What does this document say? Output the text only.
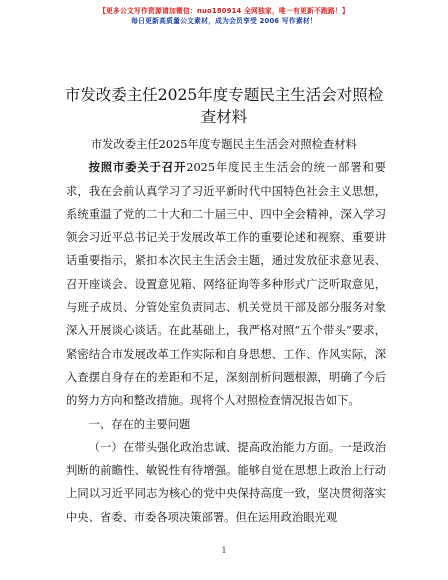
【更多公文写作资源请加微信：nuo180914 全网独家，唯一有更新不跑路！】
每日更新高质量公文素材，成为会员享受 2006 写作素材！
市发改委主任2025年度专题民主生活会对照检查材料

市发改委主任2025年度专题民主生活会对照检查材料

按照市委关于召开2025年度民主生活会的统一部署和要求，我在会前认真学习了习近平新时代中国特色社会主义思想，系统重温了党的二十大和二十届三中、四中全会精神，深入学习领会习近平总书记关于发展改革工作的重要论述和视察、重要讲话重要指示，紧扣本次民主生活会主题，通过发放征求意见表、召开座谈会、设置意见箱、网络征询等多种形式广泛听取意见，与班子成员、分管处室负责同志、机关党员干部及部分服务对象深入开展谈心谈话。在此基础上，我严格对照“五个带头”要求，紧密结合市发展改革工作实际和自身思想、工作、作风实际，深入查摆自身存在的差距和不足，深刻剖析问题根源，明确了今后的努力方向和整改措施。现将个人对照检查情况报告如下。

一、存在的主要问题

（一）在带头强化政治忠诚、提高政治能力方面。一是政治判断的前瞻性、敏锐性有待增强。能够自觉在思想上政治上行动上同以习近平同志为核心的党中央保持高度一致，坚决贯彻落实中央、省委、市委各项决策部署。但在运用政治眼光观

1
